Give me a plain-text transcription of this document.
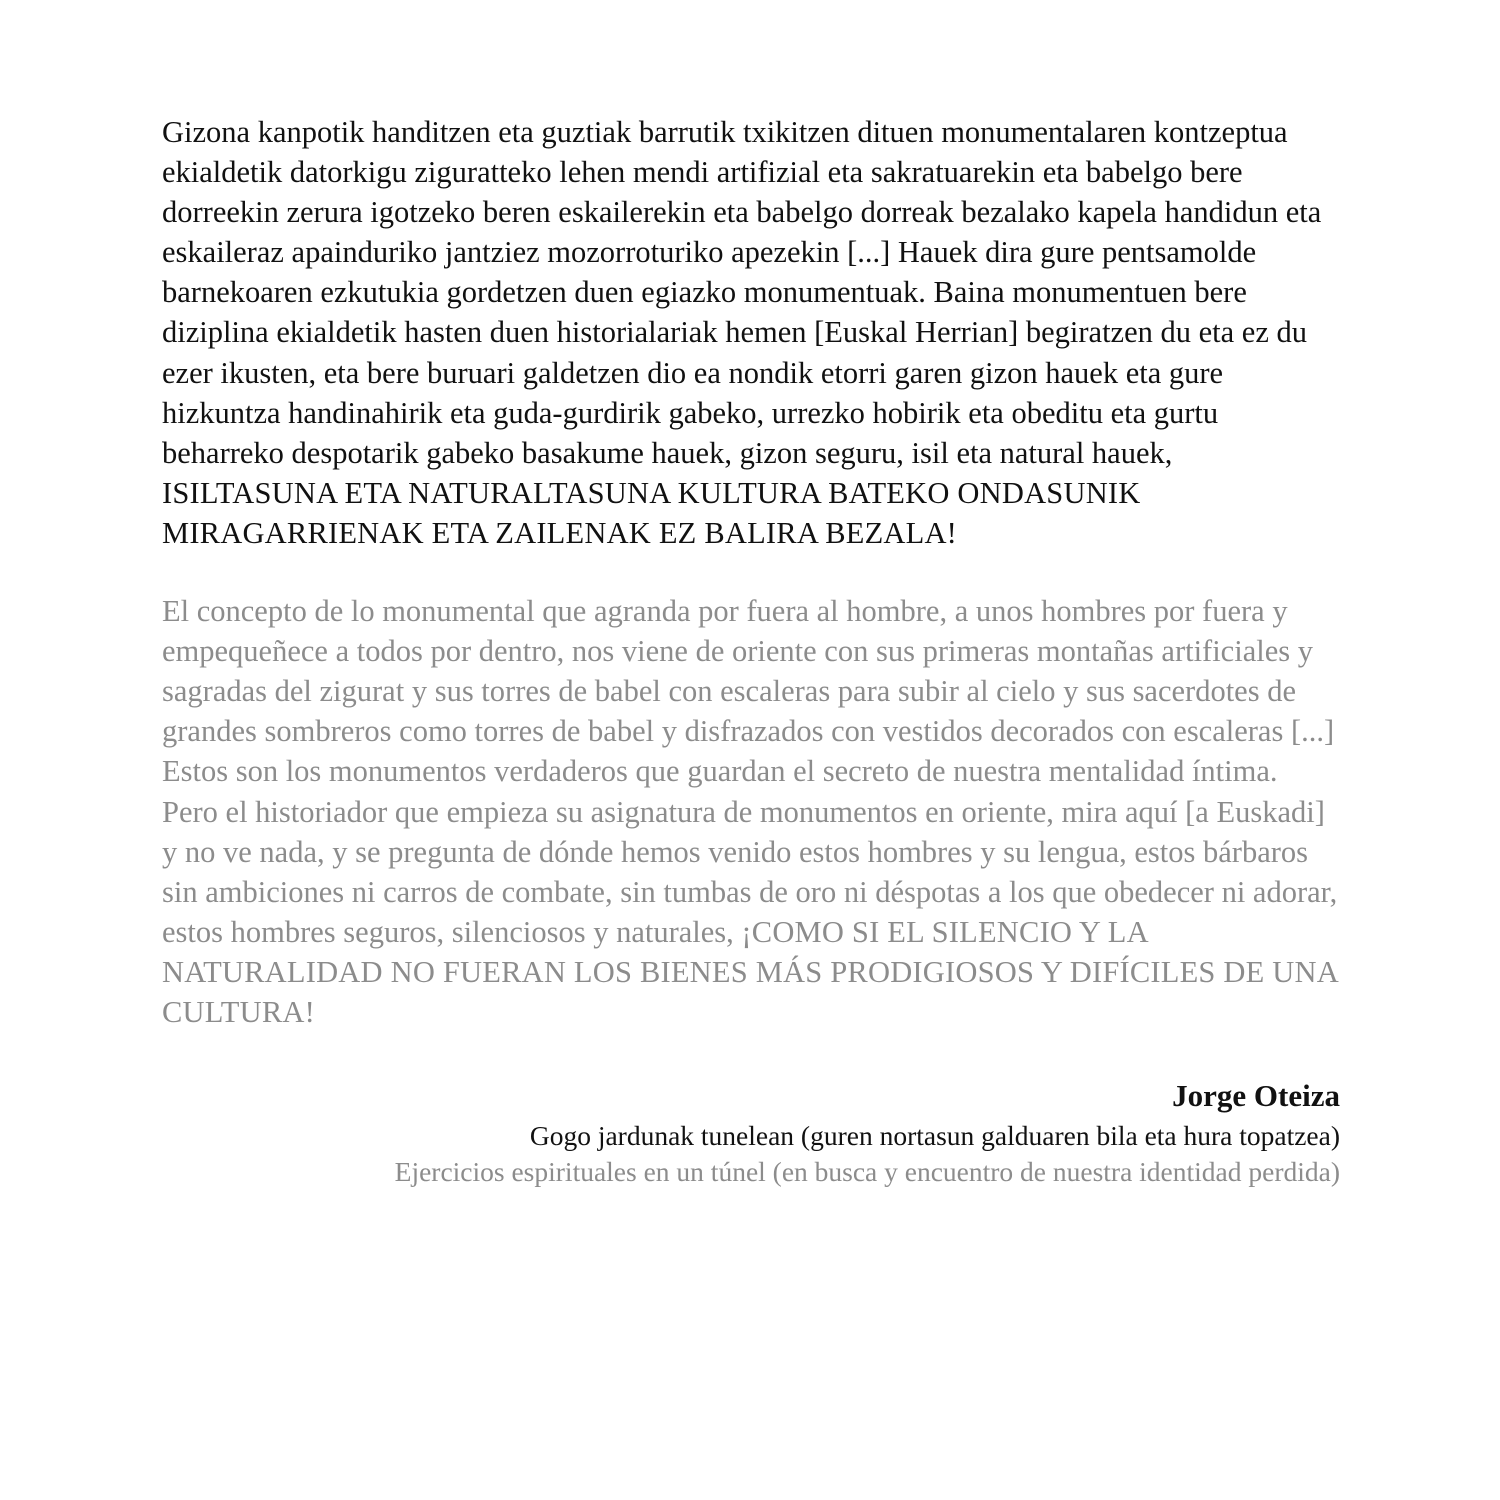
Gizona kanpotik handitzen eta guztiak barrutik txikitzen dituen monumentalaren kontzeptua ekialdetik datorkigu ziguratteko lehen mendi artifizial eta sakratuarekin eta babelgo bere dorreekin zerura igotzeko beren eskailerekin eta babelgo dorreak bezalako kapela handidun eta eskaileraz apainduriko jantziez mozorroturiko apezekin [...] Hauek dira gure pentsamolde barnekoaren ezkutukia gordetzen duen egiazko monumentuak. Baina monumentuen bere diziplina ekialdetik hasten duen historialariak hemen [Euskal Herrian] begiratzen du eta ez du ezer ikusten, eta bere buruari galdetzen dio ea nondik etorri garen gizon hauek eta gure hizkuntza handinahirik eta guda-gurdirik gabeko, urrezko hobirik eta obeditu eta gurtu beharreko despotarik gabeko basakume hauek, gizon seguru, isil eta natural hauek, ISILTASUNA ETA NATURALTASUNA KULTURA BATEKO ONDASUNIK MIRAGARRIENAK ETA ZAILENAK EZ BALIRA BEZALA!

El concepto de lo monumental que agranda por fuera al hombre, a unos hombres por fuera y empequeñece a todos por dentro, nos viene de oriente con sus primeras montañas artificiales y sagradas del zigurat y sus torres de babel con escaleras para subir al cielo y sus sacerdotes de grandes sombreros como torres de babel y disfrazados con vestidos decorados con escaleras [...] Estos son los monumentos verdaderos que guardan el secreto de nuestra mentalidad íntima. Pero el historiador que empieza su asignatura de monumentos en oriente, mira aquí [a Euskadi] y no ve nada, y se pregunta de dónde hemos venido estos hombres y su lengua, estos bárbaros sin ambiciones ni carros de combate, sin tumbas de oro ni déspotas a los que obedecer ni adorar, estos hombres seguros, silenciosos y naturales, ¡COMO SI EL SILENCIO Y LA NATURALIDAD NO FUERAN LOS BIENES MÁS PRODIGIOSOS Y DIFÍCILES DE UNA CULTURA!

Jorge Oteiza
Gogo jardunak tunelean (guren nortasun galduaren bila eta hura topatzea)
Ejercicios espirituales en un túnel (en busca y encuentro de nuestra identidad perdida)
